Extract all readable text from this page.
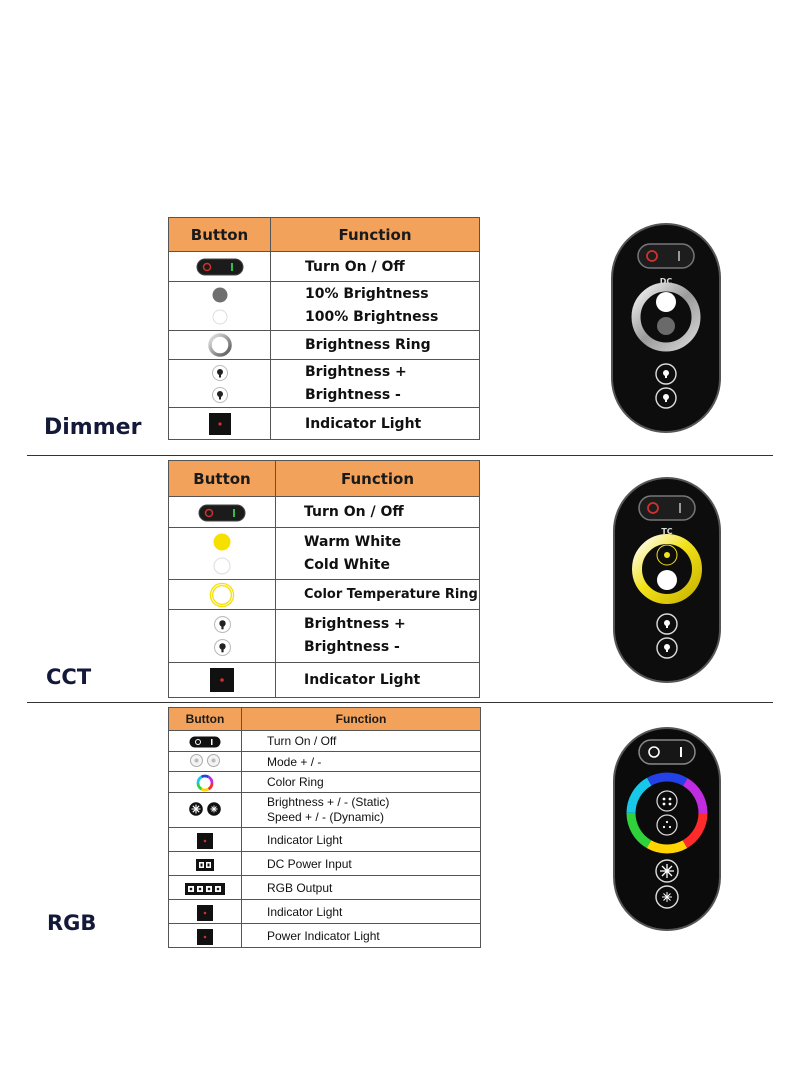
Button	Function

Turn On / Off

10% Brightness
100% Brightness

Brightness Ring

Brightness +
Brightness -

Indicator Light
Dimmer
DC
Button	Function

Turn On / Off

Warm White
Cold White

Color Temperature Ring

Brightness +
Brightness -

Indicator Light
CCT
TC
Button	Function

Turn On / Off

Mode + / -

Color Ring

Brightness + / - (Static)
Speed + / - (Dynamic)

Indicator Light

DC Power Input

RGB Output

Indicator Light

Power Indicator Light
RGB
